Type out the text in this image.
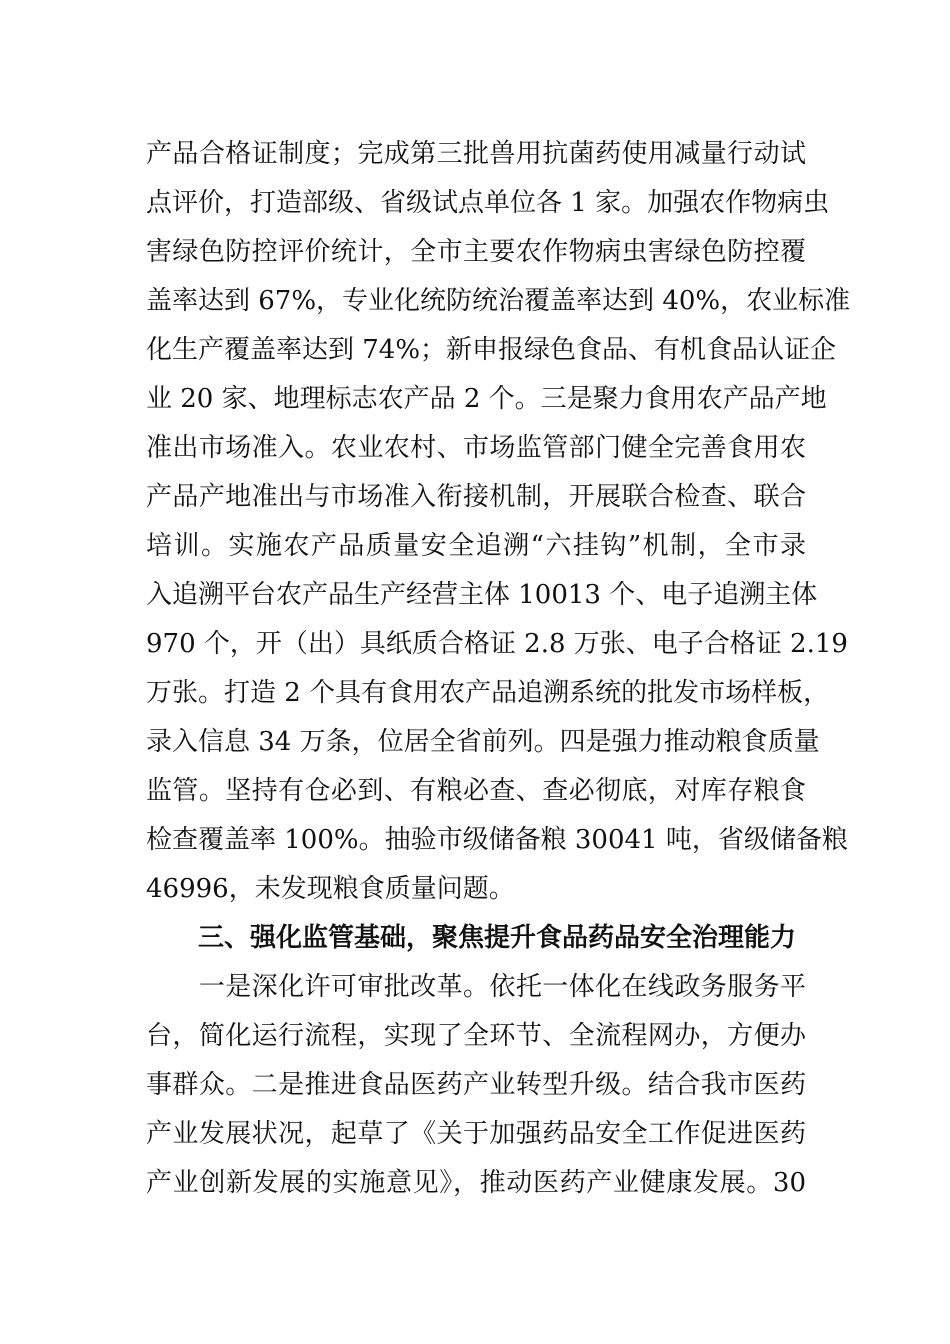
产品合格证制度；完成第三批兽用抗菌药使用减量行动试
点评价，打造部级、省级试点单位各 1 家。加强农作物病虫
害绿色防控评价统计，全市主要农作物病虫害绿色防控覆
盖率达到 67%，专业化统防统治覆盖率达到 40%，农业标准
化生产覆盖率达到 74%；新申报绿色食品、有机食品认证企
业 20 家、地理标志农产品 2 个。三是聚力食用农产品产地
准出市场准入。农业农村、市场监管部门健全完善食用农
产品产地准出与市场准入衔接机制，开展联合检查、联合
培训。实施农产品质量安全追溯“六挂钩”机制，全市录
入追溯平台农产品生产经营主体 10013 个、电子追溯主体
970 个，开（出）具纸质合格证 2.8 万张、电子合格证 2.19
万张。打造 2 个具有食用农产品追溯系统的批发市场样板，
录入信息 34 万条，位居全省前列。四是强力推动粮食质量
监管。坚持有仓必到、有粮必查、查必彻底，对库存粮食
检查覆盖率 100%。抽验市级储备粮 30041 吨，省级储备粮
46996，未发现粮食质量问题。
三、强化监管基础，聚焦提升食品药品安全治理能力
　　一是深化许可审批改革。依托一体化在线政务服务平
台，简化运行流程，实现了全环节、全流程网办，方便办
事群众。二是推进食品医药产业转型升级。结合我市医药
产业发展状况，起草了《关于加强药品安全工作促进医药
产业创新发展的实施意见》，推动医药产业健康发展。30
